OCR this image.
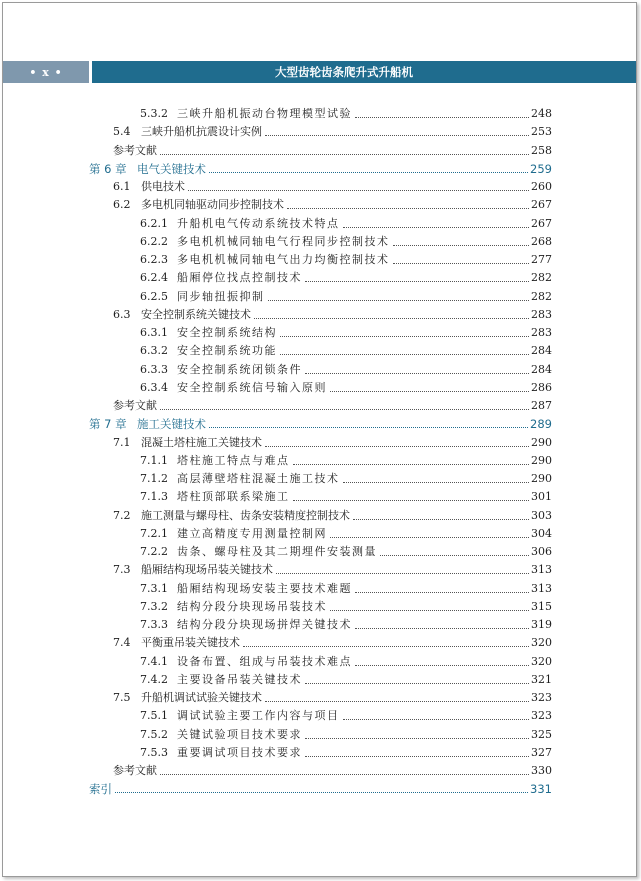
• x •	大型齿轮齿条爬升式升船机
5.3.2 三峡升船机振动台物理模型试验	248
5.4 三峡升船机抗震设计实例	253
参考文献	258
第 6 章 电气关键技术	259
6.1 供电技术	260
6.2 多电机同轴驱动同步控制技术	267
6.2.1 升船机电气传动系统技术特点	267
6.2.2 多电机机械同轴电气行程同步控制技术	268
6.2.3 多电机机械同轴电气出力均衡控制技术	277
6.2.4 船厢停位找点控制技术	282
6.2.5 同步轴扭振抑制	282
6.3 安全控制系统关键技术	283
6.3.1 安全控制系统结构	283
6.3.2 安全控制系统功能	284
6.3.3 安全控制系统闭锁条件	284
6.3.4 安全控制系统信号输入原则	286
参考文献	287
第 7 章 施工关键技术	289
7.1 混凝土塔柱施工关键技术	290
7.1.1 塔柱施工特点与难点	290
7.1.2 高层薄壁塔柱混凝土施工技术	290
7.1.3 塔柱顶部联系梁施工	301
7.2 施工测量与螺母柱、齿条安装精度控制技术	303
7.2.1 建立高精度专用测量控制网	304
7.2.2 齿条、螺母柱及其二期埋件安装测量	306
7.3 船厢结构现场吊装关键技术	313
7.3.1 船厢结构现场安装主要技术难题	313
7.3.2 结构分段分块现场吊装技术	315
7.3.3 结构分段分块现场拼焊关键技术	319
7.4 平衡重吊装关键技术	320
7.4.1 设备布置、组成与吊装技术难点	320
7.4.2 主要设备吊装关键技术	321
7.5 升船机调试试验关键技术	323
7.5.1 调试试验主要工作内容与项目	323
7.5.2 关键试验项目技术要求	325
7.5.3 重要调试项目技术要求	327
参考文献	330
索引	331
